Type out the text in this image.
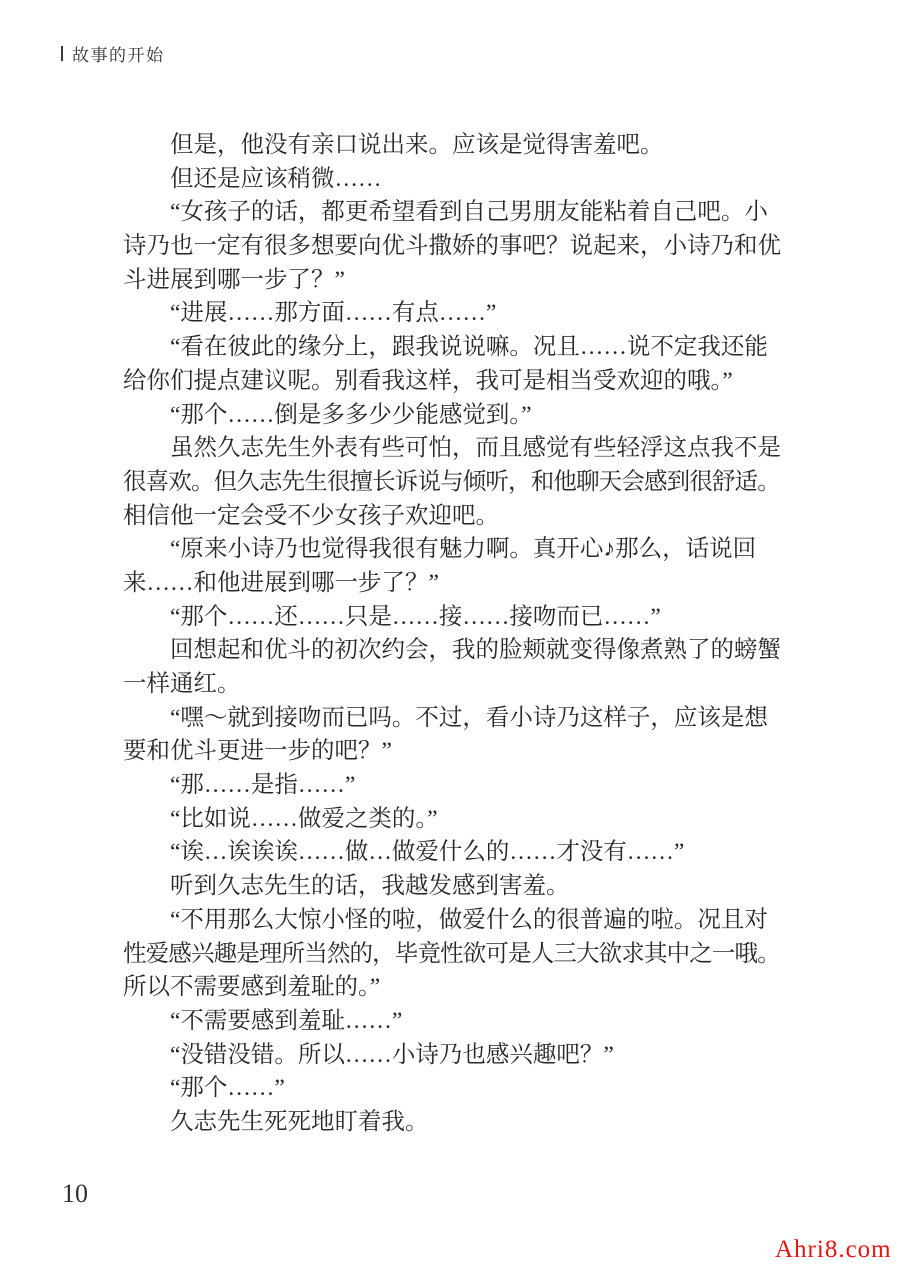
故事的开始
但是，他没有亲口说出来。应该是觉得害羞吧。
但还是应该稍微……
“女孩子的话，都更希望看到自己男朋友能粘着自己吧。小
诗乃也一定有很多想要向优斗撒娇的事吧？说起来，小诗乃和优
斗进展到哪一步了？”
“进展……那方面……有点……”
“看在彼此的缘分上，跟我说说嘛。况且……说不定我还能
给你们提点建议呢。别看我这样，我可是相当受欢迎的哦。”
“那个……倒是多多少少能感觉到。”
虽然久志先生外表有些可怕，而且感觉有些轻浮这点我不是
很喜欢。但久志先生很擅长诉说与倾听，和他聊天会感到很舒适。
相信他一定会受不少女孩子欢迎吧。
“原来小诗乃也觉得我很有魅力啊。真开心♪那么，话说回
来……和他进展到哪一步了？”
“那个……还……只是……接……接吻而已……”
回想起和优斗的初次约会，我的脸颊就变得像煮熟了的螃蟹
一样通红。
“嘿～就到接吻而已吗。不过，看小诗乃这样子，应该是想
要和优斗更进一步的吧？”
“那……是指……”
“比如说……做爱之类的。”
“诶…诶诶诶……做…做爱什么的……才没有……”
听到久志先生的话，我越发感到害羞。
“不用那么大惊小怪的啦，做爱什么的很普遍的啦。况且对
性爱感兴趣是理所当然的，毕竟性欲可是人三大欲求其中之一哦。
所以不需要感到羞耻的。”
“不需要感到羞耻……”
“没错没错。所以……小诗乃也感兴趣吧？”
“那个……”
久志先生死死地盯着我。
10
Ahri8.com
